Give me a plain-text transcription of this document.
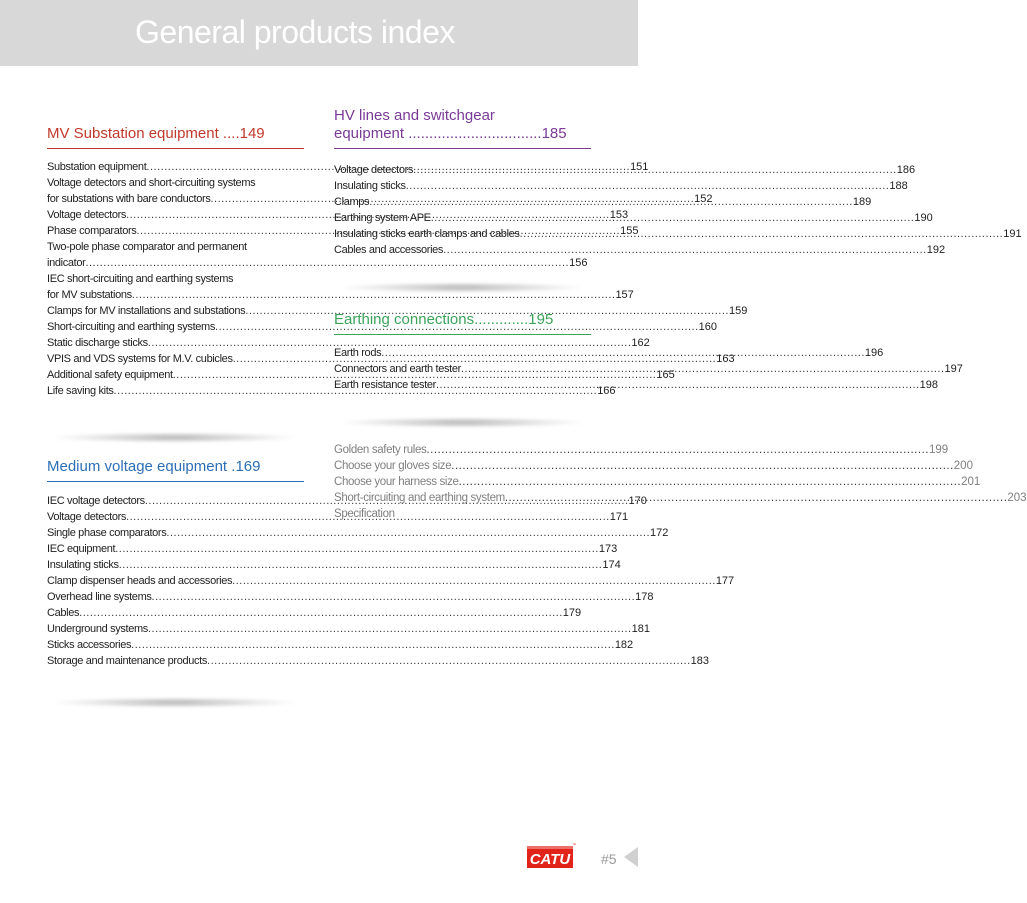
General products index
MV Substation equipment ....149
Substation equipment .....	151
Voltage detectors and short-circuiting systems
for substations with bare conductors .....	152
Voltage detectors .....	153
Phase comparators .....	155
Two-pole phase comparator and permanent
indicator .....	156
IEC short-circuiting and earthing systems
for MV substations .....	157
Clamps for MV installations and substations .....	159
Short-circuiting and earthing systems .....	160
Static discharge sticks .....	162
VPIS and VDS systems for M.V. cubicles .....	163
Additional safety equipment .....	165
Life saving kits .....	166
Medium voltage equipment .169
IEC voltage detectors .....	170
Voltage detectors .....	171
Single phase comparators .....	172
IEC equipment .....	173
Insulating sticks .....	174
Clamp dispenser heads and accessories .....	177
Overhead line systems .....	178
Cables .....	179
Underground systems .....	181
Sticks accessories .....	182
Storage and maintenance products .....	183
HV lines and switchgear
equipment ................................185
Voltage detectors .....	186
Insulating sticks .....	188
Clamps .....	189
Earthing system APE .....	190
Insulating sticks earth clamps and cables .....	191
Cables and accessories .....	192
Earthing connections.............195
Earth rods .....	196
Connectors and earth tester .....	197
Earth resistance tester .....	198
Golden safety rules .....	199
Choose your gloves size .....	200
Choose your harness size .....	201
Short-circuiting and earthing system .....	203
Specification
CATU
™
#5
